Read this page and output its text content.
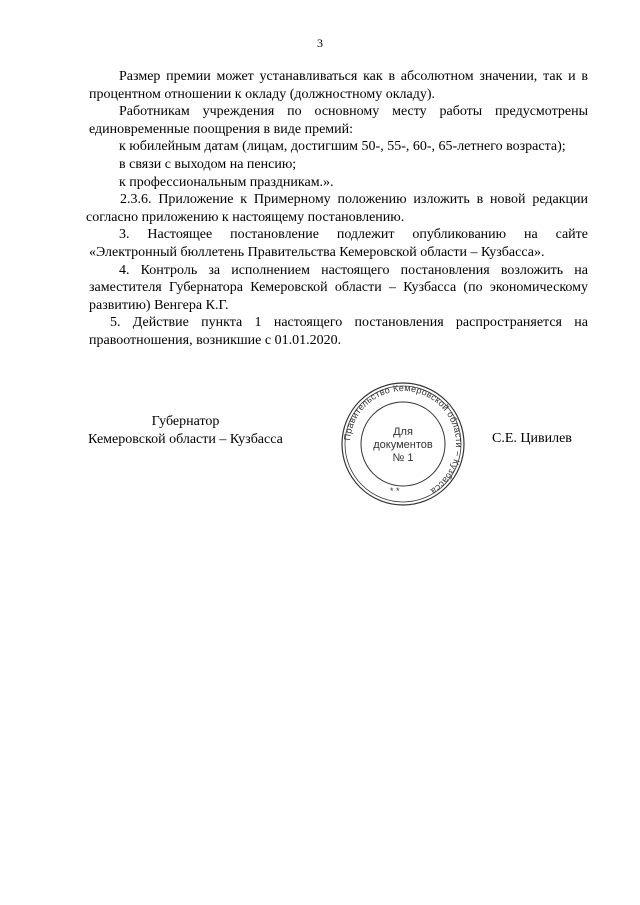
3

Размер премии может устанавливаться как в абсолютном значении, так и в процентном отношении к окладу (должностному окладу).

Работникам учреждения по основному месту работы предусмотрены единовременные поощрения в виде премий:

к юбилейным датам (лицам, достигшим 50-, 55-, 60-, 65-летнего возраста);

в связи с выходом на пенсию;

к профессиональным праздникам.».

2.3.6. Приложение к Примерному положению изложить в новой редакции согласно приложению к настоящему постановлению.

3. Настоящее постановление подлежит опубликованию на сайте «Электронный бюллетень Правительства Кемеровской области – Кузбасса».

4. Контроль за исполнением настоящего постановления возложить на заместителя Губернатора Кемеровской области – Кузбасса (по экономическому развитию) Венгера К.Г.

5. Действие пункта 1 настоящего постановления распространяется на правоотношения, возникшие с 01.01.2020.

Губернатор
Кемеровской области – Кузбасса	Правительство Кемеровской области – Кузбасса
* *
Для
документов
№ 1
С.Е. Цивилев
